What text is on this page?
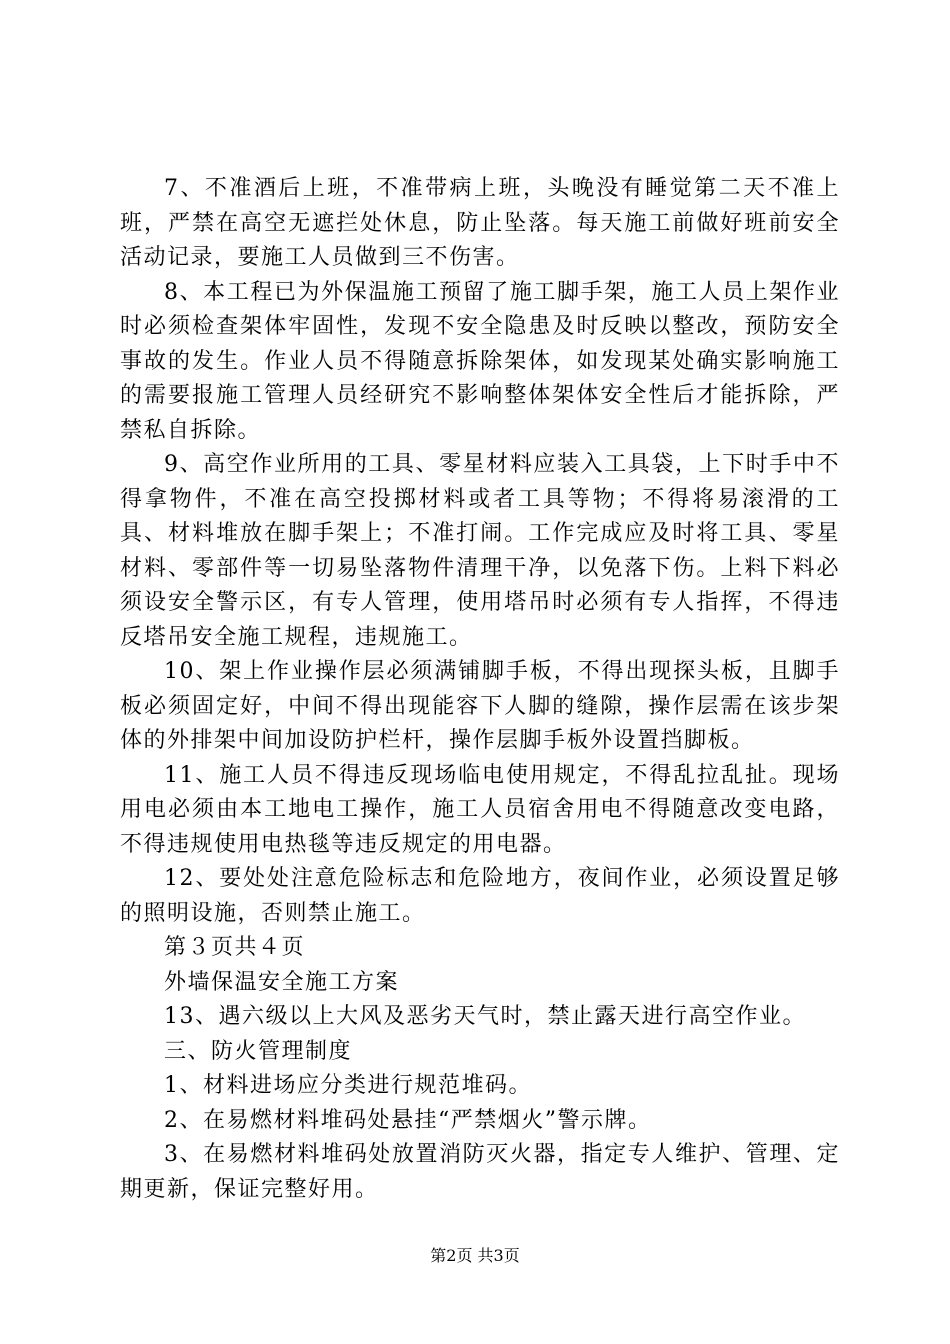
7、不准酒后上班，不准带病上班，头晚没有睡觉第二天不准上班，严禁在高空无遮拦处休息，防止坠落。每天施工前做好班前安全活动记录，要施工人员做到三不伤害。

8、本工程已为外保温施工预留了施工脚手架，施工人员上架作业时必须检查架体牢固性，发现不安全隐患及时反映以整改，预防安全事故的发生。作业人员不得随意拆除架体，如发现某处确实影响施工的需要报施工管理人员经研究不影响整体架体安全性后才能拆除，严禁私自拆除。

9、高空作业所用的工具、零星材料应装入工具袋，上下时手中不得拿物件，不准在高空投掷材料或者工具等物；不得将易滚滑的工具、材料堆放在脚手架上；不准打闹。工作完成应及时将工具、零星材料、零部件等一切易坠落物件清理干净，以免落下伤。上料下料必须设安全警示区，有专人管理，使用塔吊时必须有专人指挥，不得违反塔吊安全施工规程，违规施工。

10、架上作业操作层必须满铺脚手板，不得出现探头板，且脚手板必须固定好，中间不得出现能容下人脚的缝隙，操作层需在该步架体的外排架中间加设防护栏杆，操作层脚手板外设置挡脚板。

11、施工人员不得违反现场临电使用规定，不得乱拉乱扯。现场用电必须由本工地电工操作，施工人员宿舍用电不得随意改变电路，不得违规使用电热毯等违反规定的用电器。

12、要处处注意危险标志和危险地方，夜间作业，必须设置足够的照明设施，否则禁止施工。

第３页共４页

外墙保温安全施工方案

13、遇六级以上大风及恶劣天气时，禁止露天进行高空作业。

三、防火管理制度

1、材料进场应分类进行规范堆码。

2、在易燃材料堆码处悬挂“严禁烟火”警示牌。

3、在易燃材料堆码处放置消防灭火器，指定专人维护、管理、定期更新，保证完整好用。

第2页 共3页
